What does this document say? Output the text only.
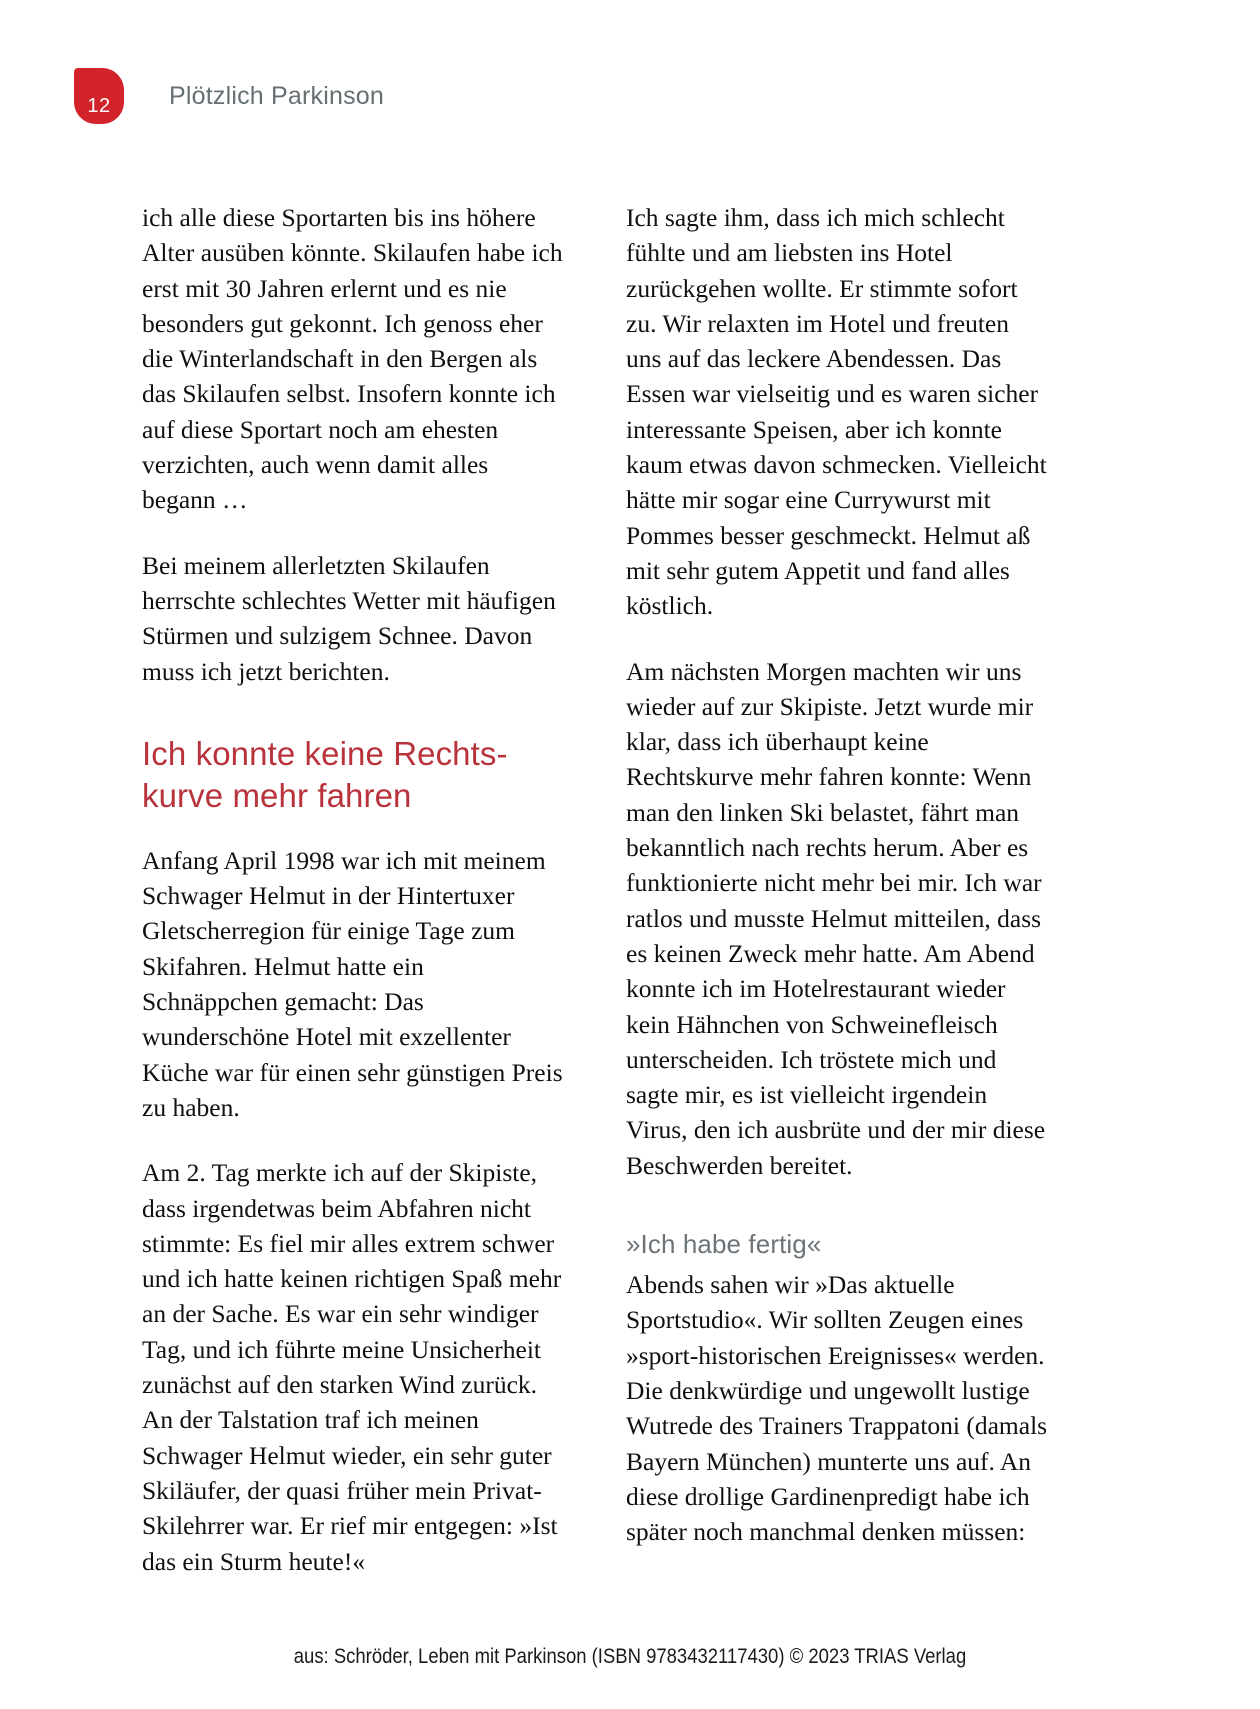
12	Plötzlich Parkinson

ich alle diese Sportarten bis ins höhere Alter ausüben könnte. Skilaufen habe ich erst mit 30 Jahren erlernt und es nie besonders gut gekonnt. Ich genoss eher die Winterlandschaft in den Bergen als das Skilaufen selbst. Insofern konnte ich auf diese Sportart noch am ehesten verzichten, auch wenn damit alles begann …

Bei meinem allerletzten Skilaufen herrschte schlechtes Wetter mit häufigen Stürmen und sulzigem Schnee. Davon muss ich jetzt berichten.

Ich konnte keine Rechts-kurve mehr fahren

Anfang April 1998 war ich mit meinem Schwager Helmut in der Hintertuxer Gletscherregion für einige Tage zum Skifahren. Helmut hatte ein Schnäppchen gemacht: Das wunderschöne Hotel mit exzellenter Küche war für einen sehr günstigen Preis zu haben.

Am 2. Tag merkte ich auf der Skipiste, dass irgendetwas beim Abfahren nicht stimmte: Es fiel mir alles extrem schwer und ich hatte keinen richtigen Spaß mehr an der Sache. Es war ein sehr windiger Tag, und ich führte meine Unsicherheit zunächst auf den starken Wind zurück. An der Talstation traf ich meinen Schwager Helmut wieder, ein sehr guter Skiläufer, der quasi früher mein Privat-Skilehrrer war. Er rief mir entgegen: »Ist das ein Sturm heute!«

Ich sagte ihm, dass ich mich schlecht fühlte und am liebsten ins Hotel zurückgehen wollte. Er stimmte sofort zu. Wir relaxten im Hotel und freuten uns auf das leckere Abendessen. Das Essen war vielseitig und es waren sicher interessante Speisen, aber ich konnte kaum etwas davon schmecken. Vielleicht hätte mir sogar eine Currywurst mit Pommes besser geschmeckt. Helmut aß mit sehr gutem Appetit und fand alles köstlich.

Am nächsten Morgen machten wir uns wieder auf zur Skipiste. Jetzt wurde mir klar, dass ich überhaupt keine Rechtskurve mehr fahren konnte: Wenn man den linken Ski belastet, fährt man bekanntlich nach rechts herum. Aber es funktionierte nicht mehr bei mir. Ich war ratlos und musste Helmut mitteilen, dass es keinen Zweck mehr hatte. Am Abend konnte ich im Hotelrestaurant wieder kein Hähnchen von Schweinefleisch unterscheiden. Ich tröstete mich und sagte mir, es ist vielleicht irgendein Virus, den ich ausbrüte und der mir diese Beschwerden bereitet.

»Ich habe fertig«

Abends sahen wir »Das aktuelle Sportstudio«. Wir sollten Zeugen eines »sport-historischen Ereignisses« werden. Die denkwürdige und ungewollt lustige Wutrede des Trainers Trappatoni (damals Bayern München) munterte uns auf. An diese drollige Gardinenpredigt habe ich später noch manchmal denken müssen:

aus: Schröder, Leben mit Parkinson (ISBN 9783432117430) © 2023 TRIAS Verlag
